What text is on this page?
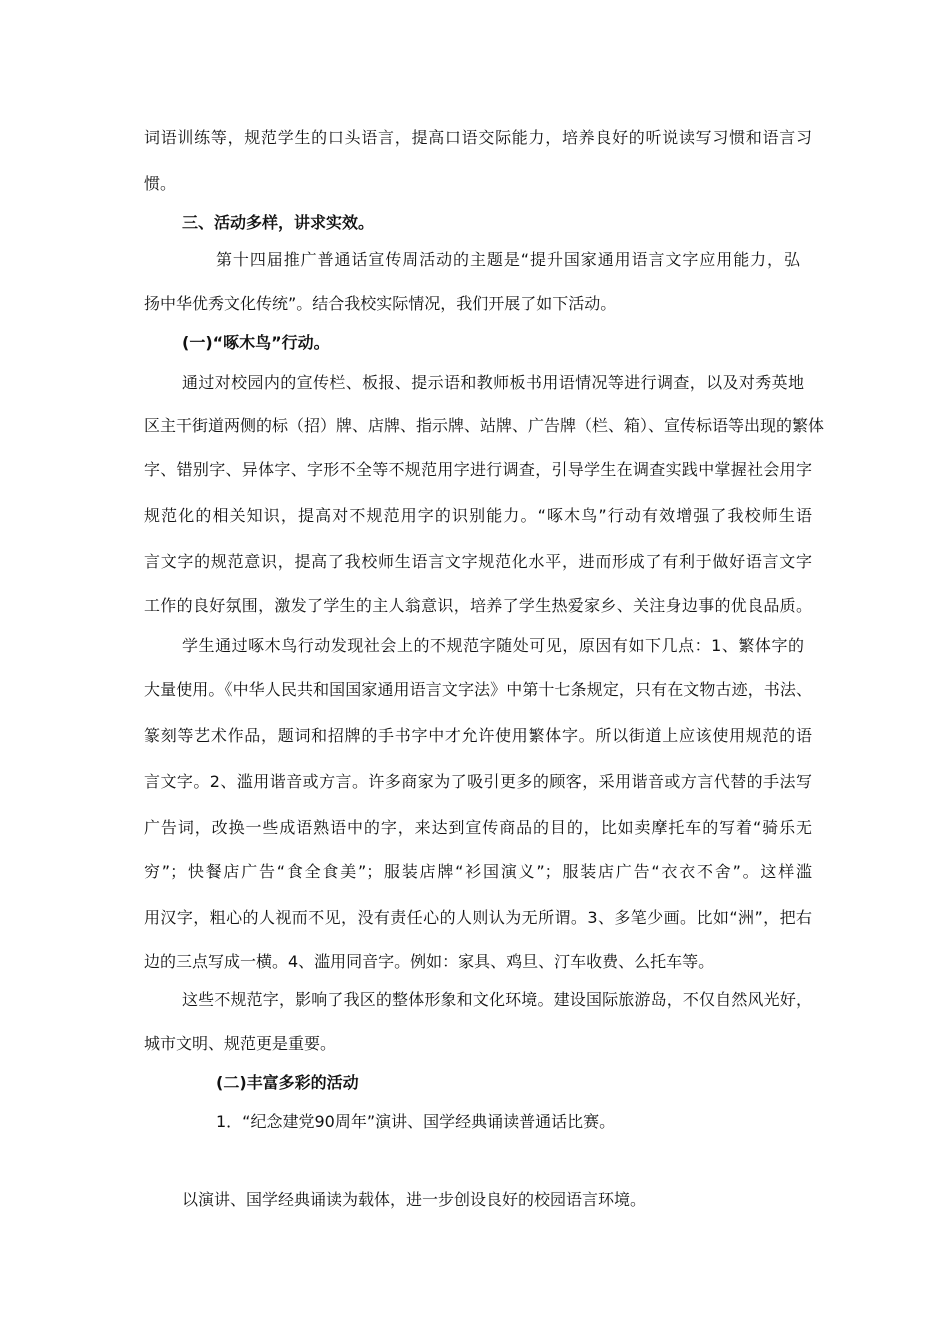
词语训练等，规范学生的口头语言，提高口语交际能力，培养良好的听说读写习惯和语言习
惯。
三、活动多样，讲求实效。
第十四届推广普通话宣传周活动的主题是“提升国家通用语言文字应用能力，弘
扬中华优秀文化传统”。结合我校实际情况，我们开展了如下活动。
(一)“啄木鸟”行动。
通过对校园内的宣传栏、板报、提示语和教师板书用语情况等进行调查，以及对秀英地
区主干街道两侧的标（招）牌、店牌、指示牌、站牌、广告牌（栏、箱）、宣传标语等出现的繁体
字、错别字、异体字、字形不全等不规范用字进行调查，引导学生在调查实践中掌握社会用字
规范化的相关知识，提高对不规范用字的识别能力。“啄木鸟”行动有效增强了我校师生语
言文字的规范意识，提高了我校师生语言文字规范化水平，进而形成了有利于做好语言文字
工作的良好氛围，激发了学生的主人翁意识，培养了学生热爱家乡、关注身边事的优良品质。
学生通过啄木鸟行动发现社会上的不规范字随处可见，原因有如下几点：1、繁体字的
大量使用。《中华人民共和国国家通用语言文字法》中第十七条规定，只有在文物古迹，书法、
篆刻等艺术作品，题词和招牌的手书字中才允许使用繁体字。所以街道上应该使用规范的语
言文字。2、滥用谐音或方言。许多商家为了吸引更多的顾客，采用谐音或方言代替的手法写
广告词，改换一些成语熟语中的字，来达到宣传商品的目的，比如卖摩托车的写着“骑乐无
穷”；快餐店广告“食全食美”；服装店牌“衫国演义”；服装店广告“衣衣不舍”。这样滥
用汉字，粗心的人视而不见，没有责任心的人则认为无所谓。3、多笔少画。比如“洲”，把右
边的三点写成一横。4、滥用同音字。例如：家具、鸡旦、汀车收费、么托车等。
这些不规范字，影响了我区的整体形象和文化环境。建设国际旅游岛，不仅自然风光好，
城市文明、规范更是重要。
(二)丰富多彩的活动
1．“纪念建党90周年”演讲、国学经典诵读普通话比赛。
以演讲、国学经典诵读为载体，进一步创设良好的校园语言环境。
